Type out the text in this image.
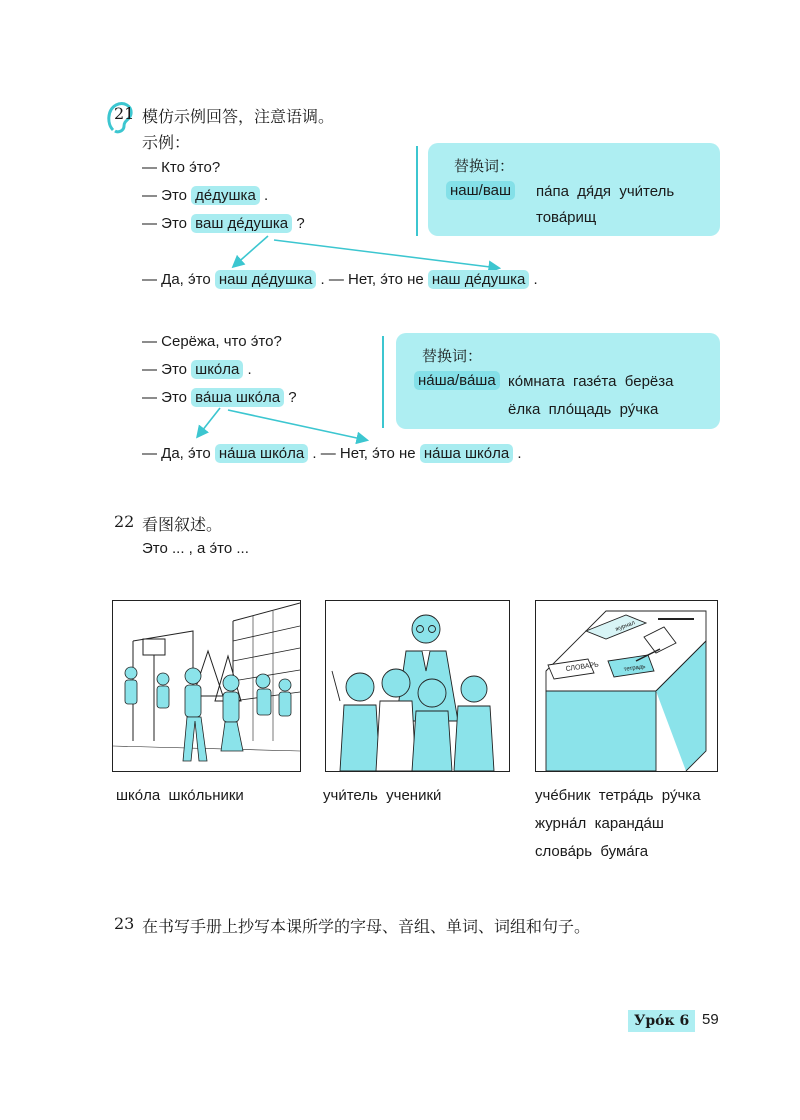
21 模仿示例回答，注意语调。
示例：
— Кто э́то?
— Это де́душка .
— Это ваш де́душка ?
— Да, э́то наш де́душка . — Нет, э́то не наш де́душка .
替换词：
наш/ваш па́па  дя́дя  учи́тель
това́рищ
— Серёжа, что э́то?
— Это шко́ла .
— Это ва́ша шко́ла ?
— Да, э́то на́ша шко́ла . — Нет, э́то не на́ша шко́ла .
替换词：
на́ша/ва́ша ко́мната  газе́та  берёза
ёлка  пло́щадь  ру́чка
22 看图叙述。
Это ... , а э́то ...
СЛОВАРЬ
журнал
тетрадь
шко́ла  шко́льники	учи́тель  ученики́	уче́бник  тетра́дь  ру́чка
журна́л  каранда́ш
слова́рь  бума́га
23 在书写手册上抄写本课所学的字母、音组、单词、词组和句子。
Уро́к 6 59
